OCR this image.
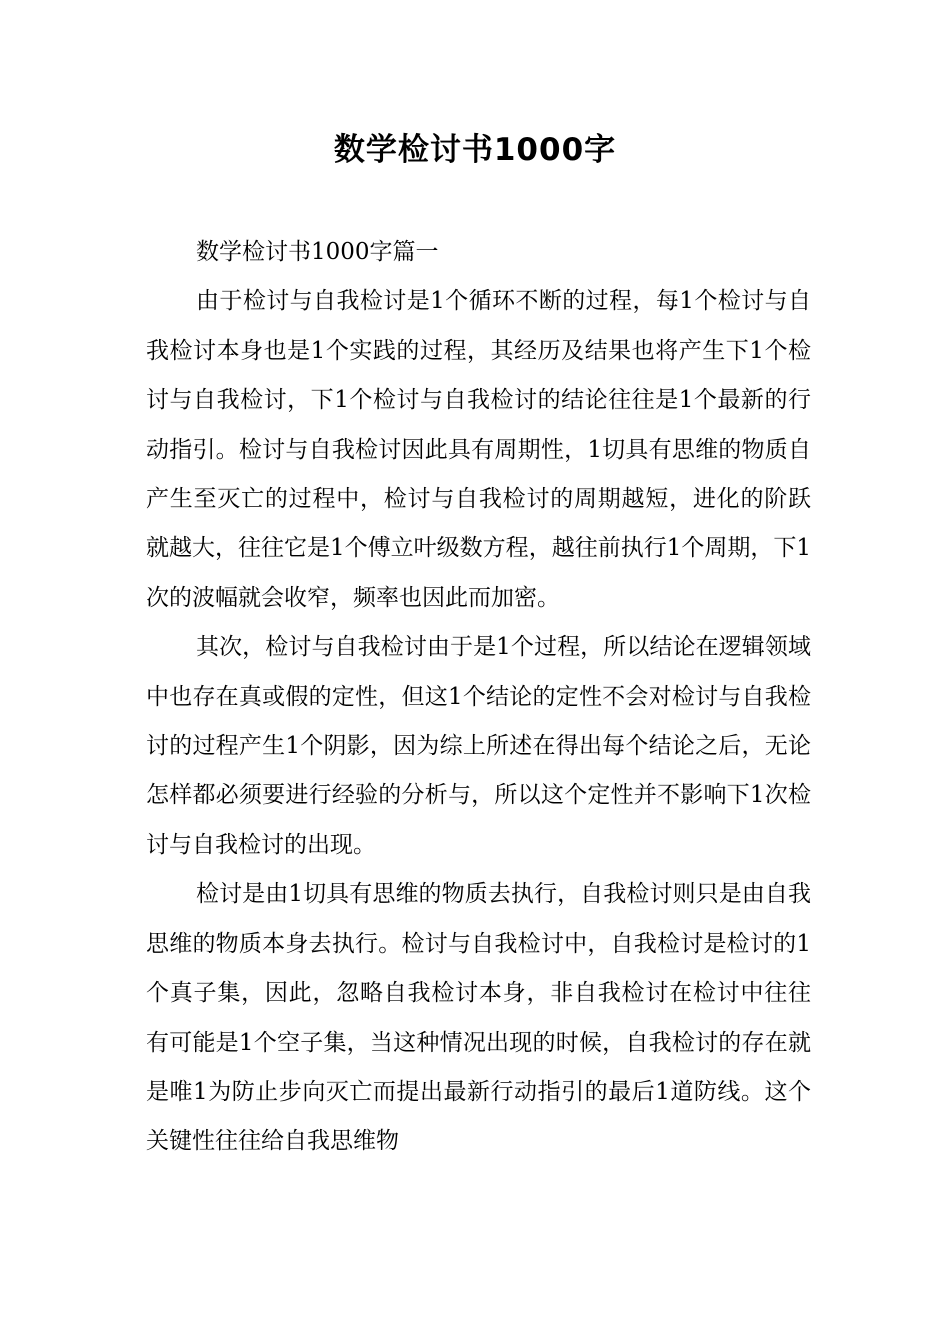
数学检讨书1000字

数学检讨书1000字篇一

由于检讨与自我检讨是1个循环不断的过程，每1个检讨与自我检讨本身也是1个实践的过程，其经历及结果也将产生下1个检讨与自我检讨，下1个检讨与自我检讨的结论往往是1个最新的行动指引。检讨与自我检讨因此具有周期性，1切具有思维的物质自产生至灭亡的过程中，检讨与自我检讨的周期越短，进化的阶跃就越大，往往它是1个傅立叶级数方程，越往前执行1个周期，下1次的波幅就会收窄，频率也因此而加密。

其次，检讨与自我检讨由于是1个过程，所以结论在逻辑领域中也存在真或假的定性，但这1个结论的定性不会对检讨与自我检讨的过程产生1个阴影，因为综上所述在得出每个结论之后，无论怎样都必须要进行经验的分析与，所以这个定性并不影响下1次检讨与自我检讨的出现。

检讨是由1切具有思维的物质去执行，自我检讨则只是由自我思维的物质本身去执行。检讨与自我检讨中，自我检讨是检讨的1个真子集，因此，忽略自我检讨本身，非自我检讨在检讨中往往有可能是1个空子集，当这种情况出现的时候，自我检讨的存在就是唯1为防止步向灭亡而提出最新行动指引的最后1道防线。这个关键性往往给自我思维物
